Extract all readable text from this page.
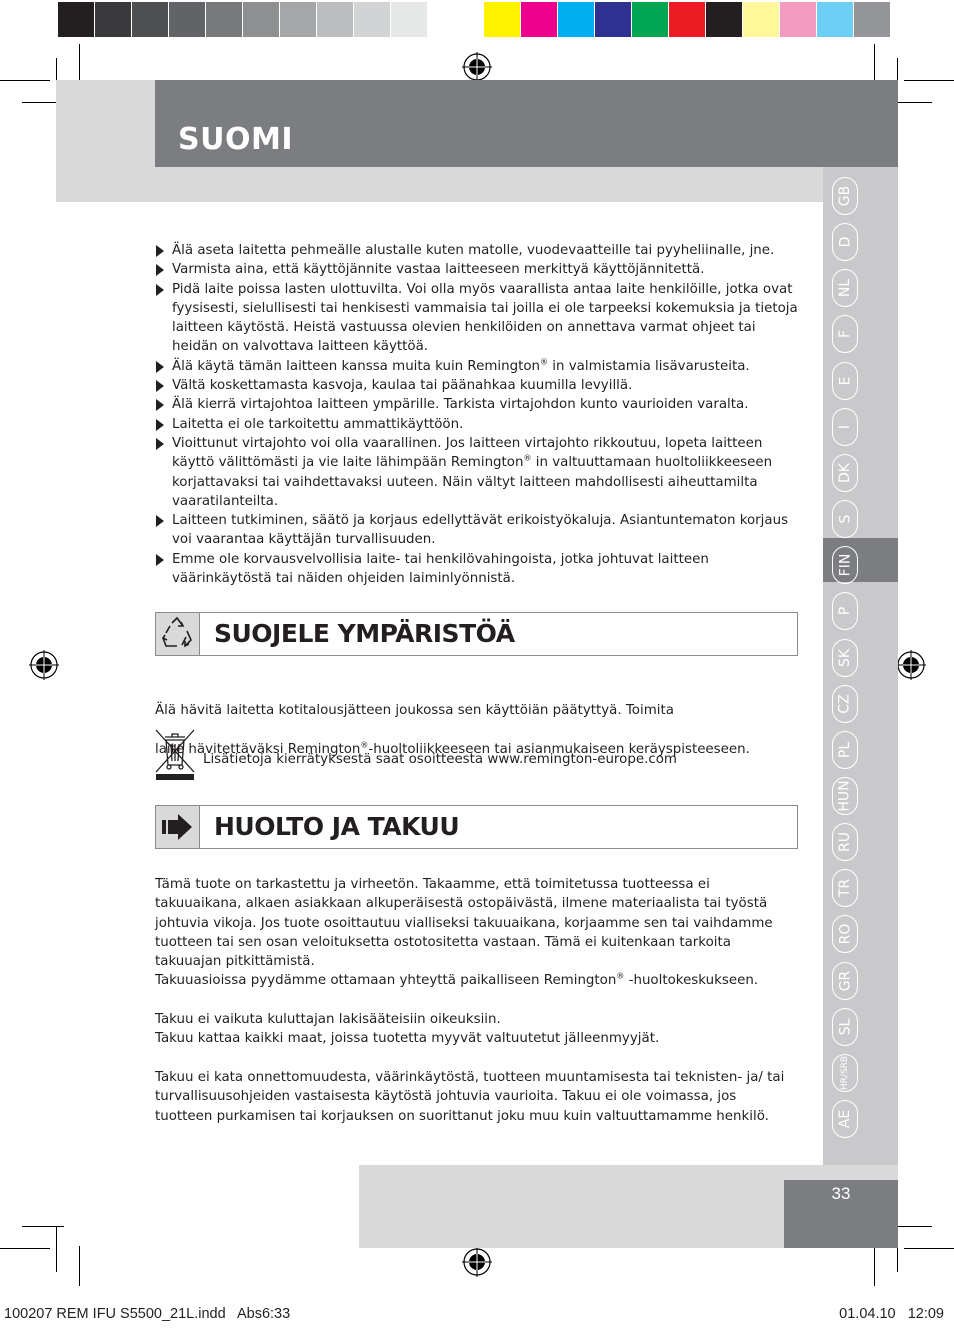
SUOMI
GB
D
NL
F
E
I
DK
S
FIN
P
SK
CZ
PL
HUN
RU
TR
RO
GR
SL
HR/SRB
AE
Älä aseta laitetta pehmeälle alustalle kuten matolle, vuodevaatteille tai pyyheliinalle, jne.
Varmista aina, että käyttöjännite vastaa laitteeseen merkittyä käyttöjännitettä.
Pidä laite poissa lasten ulottuvilta. Voi olla myös vaarallista antaa laite henkilöille, jotka ovat fyysisesti, sielullisesti tai henkisesti vammaisia tai joilla ei ole tarpeeksi kokemuksia ja tietoja laitteen käytöstä. Heistä vastuussa olevien henkilöiden on annettava varmat ohjeet tai heidän on valvottava laitteen käyttöä.
Älä käytä tämän laitteen kanssa muita kuin Remington® in valmistamia lisävarusteita.
Vältä koskettamasta kasvoja, kaulaa tai päänahkaa kuumilla levyillä.
Älä kierrä virtajohtoa laitteen ympärille. Tarkista virtajohdon kunto vaurioiden varalta.
Laitetta ei ole tarkoitettu ammattikäyttöön.
Vioittunut virtajohto voi olla vaarallinen. Jos laitteen virtajohto rikkoutuu, lopeta laitteen käyttö välittömästi ja vie laite lähimpään Remington® in valtuuttamaan huoltoliikkeeseen korjattavaksi tai vaihdettavaksi uuteen. Näin vältyt laitteen mahdollisesti aiheuttamilta vaaratilanteilta.
Laitteen tutkiminen, säätö ja korjaus edellyttävät erikoistyökaluja. Asiantuntematon korjaus voi vaarantaa käyttäjän turvallisuuden.
Emme ole korvausvelvollisia laite- tai henkilövahingoista, jotka johtuvat laitteen väärinkäytöstä tai näiden ohjeiden laiminlyönnistä.
SUOJELE YMPÄRISTÖÄ

Älä hävitä laitetta kotitalousjätteen joukossa sen käyttöiän päätyttyä. Toimita

laite hävitettäväksi Remington®-huoltoliikkeeseen tai asianmukaiseen keräyspisteeseen.

Lisätietoja kierrätyksestä saat osoitteesta www.remington-europe.com
HUOLTO JA TAKUU
Tämä tuote on tarkastettu ja virheetön. Takaamme, että toimitetussa tuotteessa ei takuuaikana, alkaen asiakkaan alkuperäisestä ostopäivästä, ilmene materiaalista tai työstä johtuvia vikoja. Jos tuote osoittautuu vialliseksi takuuaikana, korjaamme sen tai vaihdamme tuotteen tai sen osan veloituksetta ostotositetta vastaan. Tämä ei kuitenkaan tarkoita takuuajan pitkittämistä.
Takuuasioissa pyydämme ottamaan yhteyttä paikalliseen Remington® -huoltokeskukseen.
Takuu ei vaikuta kuluttajan lakisääteisiin oikeuksiin.
Takuu kattaa kaikki maat, joissa tuotetta myyvät valtuutetut jälleenmyyjät.
Takuu ei kata onnettomuudesta, väärinkäytöstä, tuotteen muuntamisesta tai teknisten- ja/ tai turvallisuusohjeiden vastaisesta käytöstä johtuvia vaurioita. Takuu ei ole voimassa, jos tuotteen purkamisen tai korjauksen on suorittanut joku muu kuin valtuuttamamme henkilö.
33
100207 REM IFU S5500_21L.indd   Abs6:33	01.04.10   12:09
